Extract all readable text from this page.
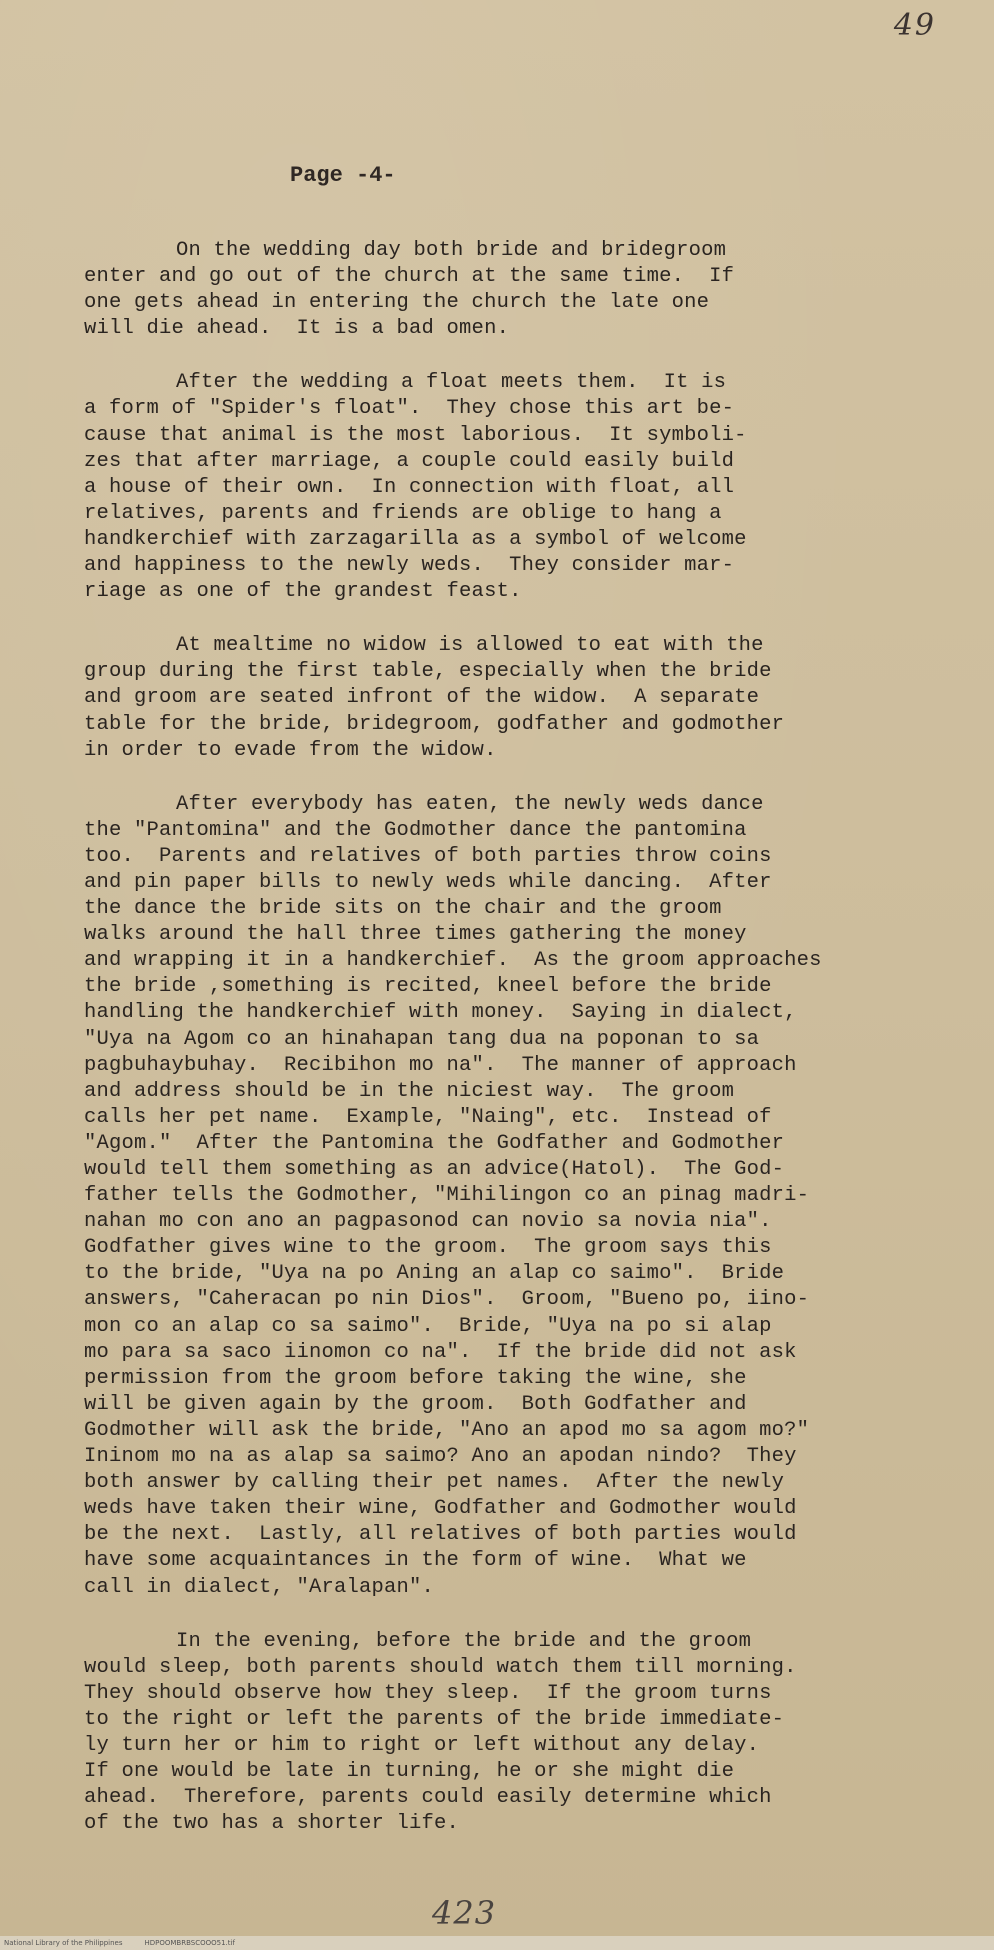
49
Page -4-
On the wedding day both bride and bridegroom
enter and go out of the church at the same time.  If
one gets ahead in entering the church the late one
will die ahead.  It is a bad omen.
After the wedding a float meets them.  It is
a form of "Spider's float".  They chose this art be-
cause that animal is the most laborious.  It symboli-
zes that after marriage, a couple could easily build
a house of their own.  In connection with float, all
relatives, parents and friends are oblige to hang a
handkerchief with zarzagarilla as a symbol of welcome
and happiness to the newly weds.  They consider mar-
riage as one of the grandest feast.
At mealtime no widow is allowed to eat with the
group during the first table, especially when the bride
and groom are seated infront of the widow.  A separate
table for the bride, bridegroom, godfather and godmother
in order to evade from the widow.
After everybody has eaten, the newly weds dance
the "Pantomina" and the Godmother dance the pantomina
too.  Parents and relatives of both parties throw coins
and pin paper bills to newly weds while dancing.  After
the dance the bride sits on the chair and the groom
walks around the hall three times gathering the money
and wrapping it in a handkerchief.  As the groom approaches
the bride ,something is recited, kneel before the bride
handling the handkerchief with money.  Saying in dialect,
"Uya na Agom co an hinahapan tang dua na poponan to sa
pagbuhaybuhay.  Recibihon mo na".  The manner of approach
and address should be in the niciest way.  The groom
calls her pet name.  Example, "Naing", etc.  Instead of
"Agom."  After the Pantomina the Godfather and Godmother
would tell them something as an advice(Hatol).  The God-
father tells the Godmother, "Mihilingon co an pinag madri-
nahan mo con ano an pagpasonod can novio sa novia nia".
Godfather gives wine to the groom.  The groom says this
to the bride, "Uya na po Aning an alap co saimo".  Bride
answers, "Caheracan po nin Dios".  Groom, "Bueno po, iino-
mon co an alap co sa saimo".  Bride, "Uya na po si alap
mo para sa saco iinomon co na".  If the bride did not ask
permission from the groom before taking the wine, she
will be given again by the groom.  Both Godfather and
Godmother will ask the bride, "Ano an apod mo sa agom mo?"
Ininom mo na as alap sa saimo? Ano an apodan nindo?  They
both answer by calling their pet names.  After the newly
weds have taken their wine, Godfather and Godmother would
be the next.  Lastly, all relatives of both parties would
have some acquaintances in the form of wine.  What we
call in dialect, "Aralapan".
In the evening, before the bride and the groom
would sleep, both parents should watch them till morning.
They should observe how they sleep.  If the groom turns
to the right or left the parents of the bride immediate-
ly turn her or him to right or left without any delay.
If one would be late in turning, he or she might die
ahead.  Therefore, parents could easily determine which
of the two has a shorter life.
423
National Library of the Philippines	HDPOOMBRBSCOOO51.tif
